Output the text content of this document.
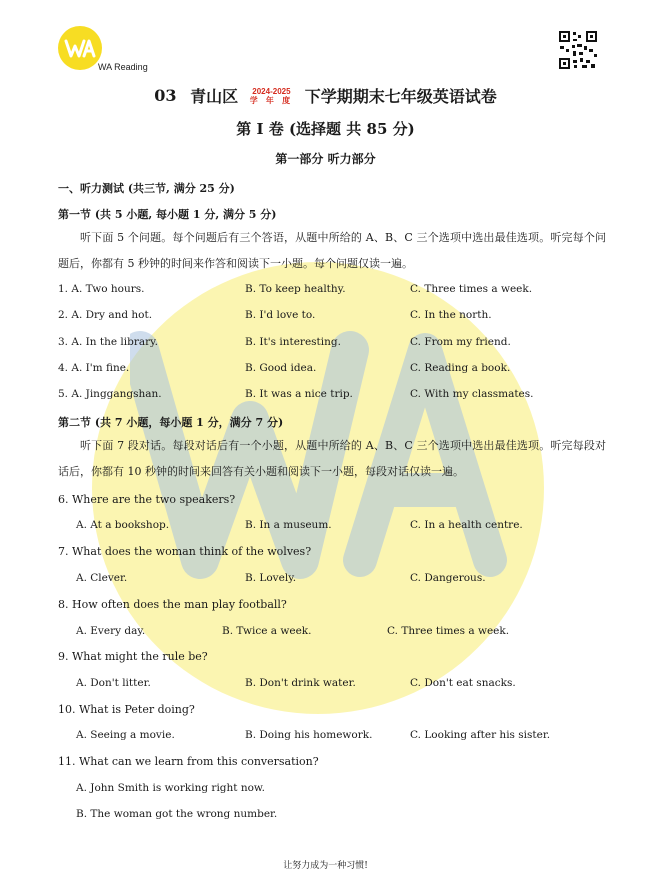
WA Reading
03 青山区	2024-2025
学 年 度 下学期期末七年级英语试卷
第 I 卷 (选择题 共 85 分)
第一部分 听力部分
一、听力测试 (共三节, 满分 25 分)
第一节 (共 5 小题, 每小题 1 分, 满分 5 分)
听下面 5 个问题。每个问题后有三个答语，从题中所给的 A、B、C 三个选项中选出最佳选项。听完每个问题后，你都有 5 秒钟的时间来作答和阅读下一小题。每个问题仅读一遍。
1. A. Two hours.	B. To keep healthy.	C. Three times a week.
2. A. Dry and hot.	B. I'd love to.	C. In the north.
3. A. In the library.	B. It's interesting.	C. From my friend.
4. A. I'm fine.	B. Good idea.	C. Reading a book.
5. A. Jinggangshan.	B. It was a nice trip.	C. With my classmates.
第二节 (共 7 小题，每小题 1 分，满分 7 分)
听下面 7 段对话。每段对话后有一个小题，从题中所给的 A、B、C 三个选项中选出最佳选项。听完每段对话后，你都有 10 秒钟的时间来回答有关小题和阅读下一小题，每段对话仅读一遍。
6. Where are the two speakers?
A. At a bookshop.	B. In a museum.	C. In a health centre.
7. What does the woman think of the wolves?
A. Clever.	B. Lovely.	C. Dangerous.
8. How often does the man play football?
A. Every day.	B. Twice a week.	C. Three times a week.
9. What might the rule be?
A. Don't litter.	B. Don't drink water.	C. Don't eat snacks.
10. What is Peter doing?
A. Seeing a movie.	B. Doing his homework.	C. Looking after his sister.
11. What can we learn from this conversation?
A. John Smith is working right now.
B. The woman got the wrong number.
让努力成为一种习惯!
